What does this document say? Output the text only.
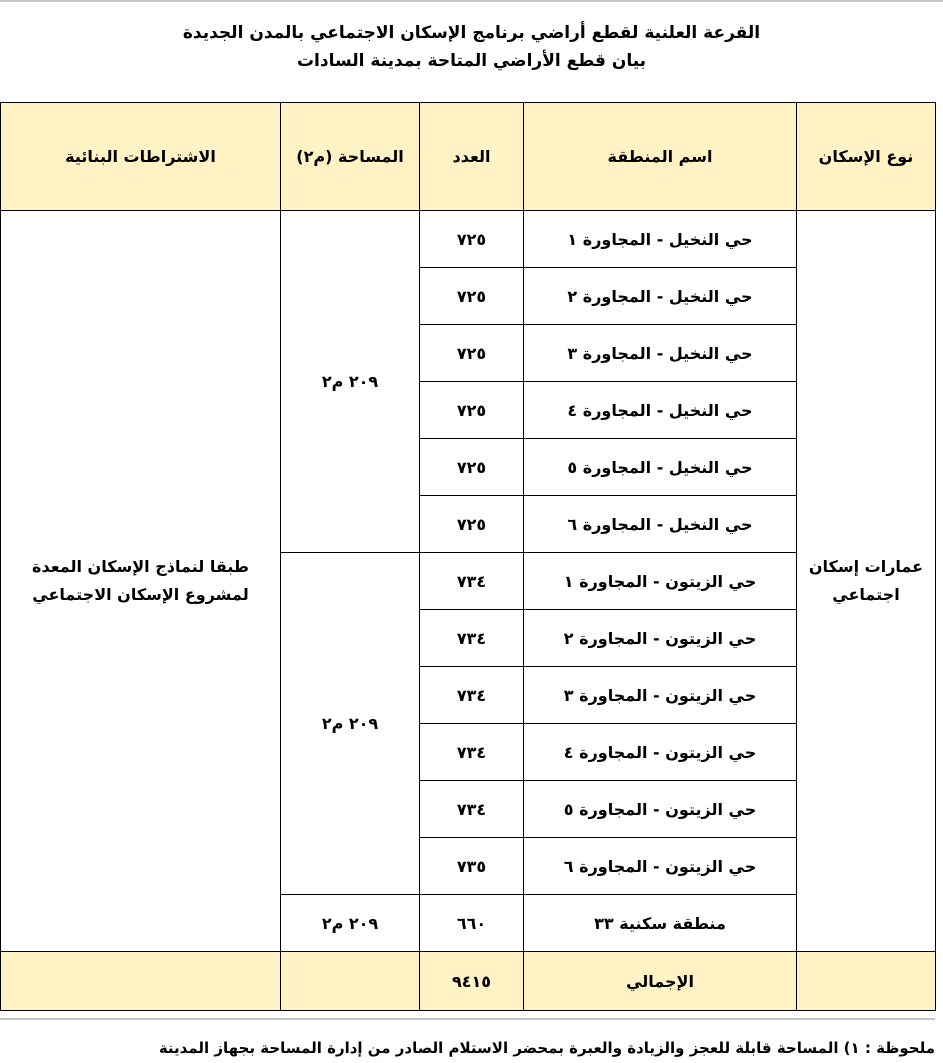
القرعة العلنية لقطع أراضي برنامج الإسكان الاجتماعي بالمدن الجديدة
بيان قطع الأراضي المتاحة بمدينة السادات
نوع الإسكان	اسم المنطقة	العدد	المساحة (م٢)	الاشتراطات البنائية
عمارات إسكان اجتماعي	حي النخيل - المجاورة ١	٧٢٥	٢٠٩ م٢	طبقا لنماذج الإسكان المعدة لمشروع الإسكان الاجتماعي
	حي النخيل - المجاورة ٢	٧٢٥		
	حي النخيل - المجاورة ٣	٧٢٥		
	حي النخيل - المجاورة ٤	٧٢٥		
	حي النخيل - المجاورة ٥	٧٢٥		
	حي النخيل - المجاورة ٦	٧٢٥		
	حي الزيتون - المجاورة ١	٧٣٤	٢٠٩ م٢	
	حي الزيتون - المجاورة ٢	٧٣٤		
	حي الزيتون - المجاورة ٣	٧٣٤		
	حي الزيتون - المجاورة ٤	٧٣٤		
	حي الزيتون - المجاورة ٥	٧٣٤		
	حي الزيتون - المجاورة ٦	٧٣٥		
	منطقة سكنية ٣٣	٦٦٠	٢٠٩ م٢	
	الإجمالي	٩٤١٥		
ملحوظة : ١) المساحة قابلة للعجز والزيادة والعبرة بمحضر الاستلام الصادر من إدارة المساحة بجهاز المدينة
